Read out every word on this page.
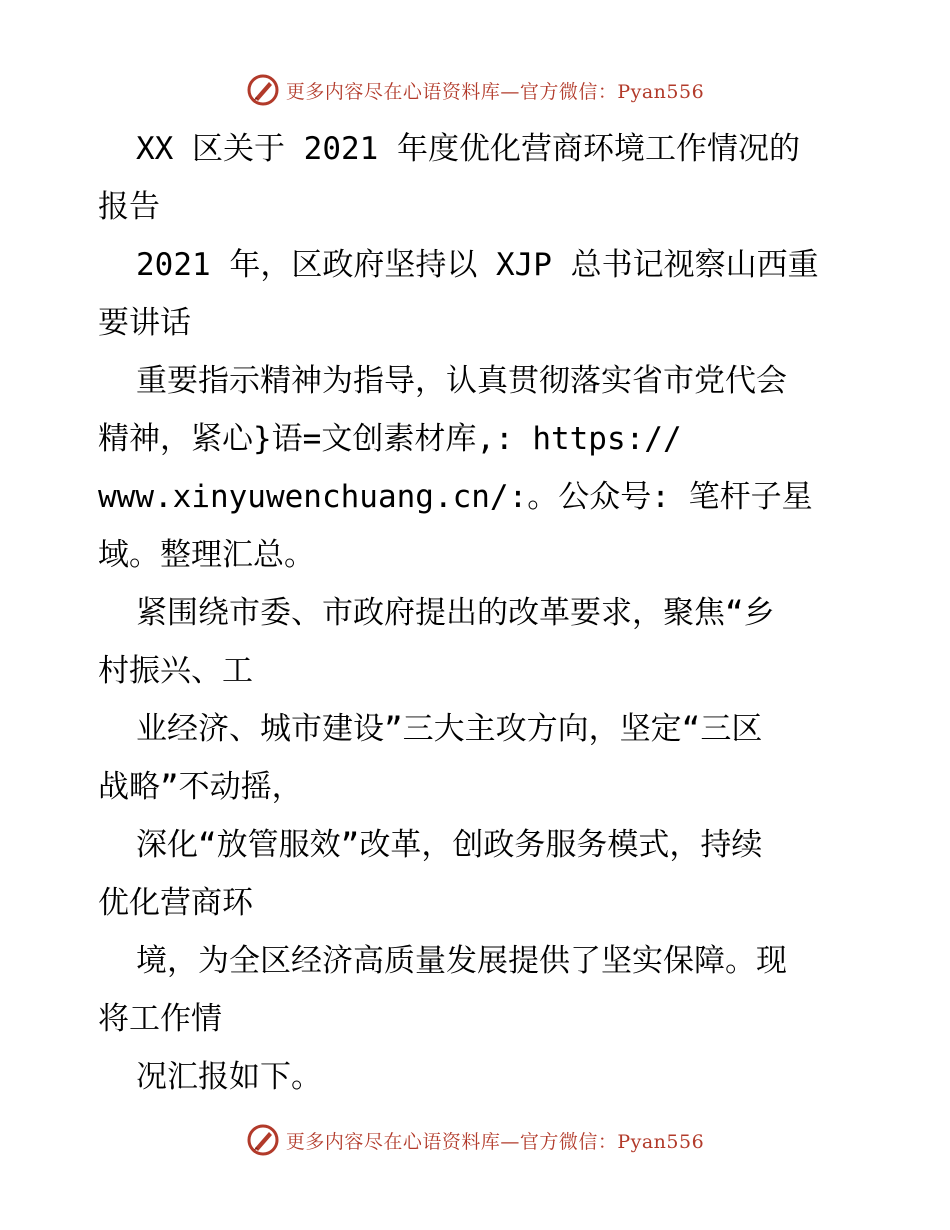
更多内容尽在心语资料库—官方微信：Pyan556
XX 区关于 2021 年度优化营商环境工作情况的
报告
2021 年，区政府坚持以 XJP 总书记视察山西重
要讲话
重要指示精神为指导，认真贯彻落实省市党代会
精神，紧心}语=文创素材库,: https://
www.xinyuwenchuang.cn/:。公众号: 笔杆子星
域。整理汇总。
紧围绕市委、市政府提出的改革要求，聚焦“乡
村振兴、工
业经济、城市建设”三大主攻方向，坚定“三区
战略”不动摇，
深化“放管服效”改革，创政务服务模式，持续
优化营商环
境，为全区经济高质量发展提供了坚实保障。现
将工作情
况汇报如下。
更多内容尽在心语资料库—官方微信：Pyan556
